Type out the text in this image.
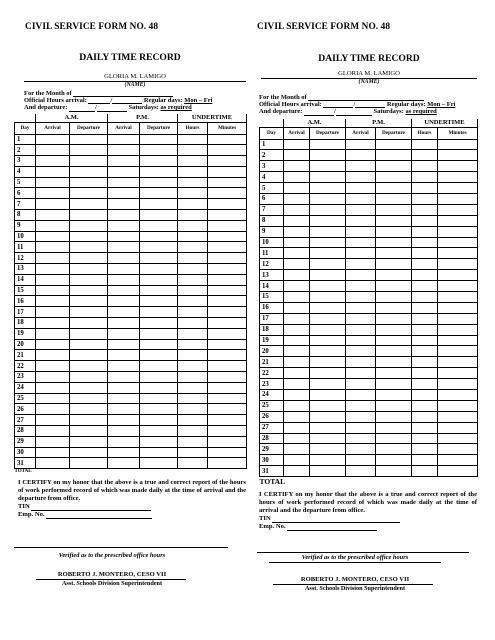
CIVIL SERVICE FORM NO. 48
DAILY TIME RECORD
GLORIA M. LAMIGO
(NAME)
For the Month of
Official Hours arrival:	/	Regular days: Mon – Fri
And departure:	/	Saturdays: as required
	A.M.		P.M.		UNDERTIME	
Day	Arrival	Departure	Arrival	Departure	Hours	Minutes
1						
2						
3						
4						
5						
6						
7						
8						
9						
10						
11						
12						
13						
14						
15						
16						
17						
18						
19						
20						
21						
22						
23						
24						
25						
26						
27						
28						
29						
30						
31						
TOTAL						
I CERTIFY on my honor that the above is a true and correct report of the hours of work performed record of which was made daily at the time of arrival and the departure from office.
TIN
Emp. No.
Verified as to the prescribed office hours
ROBERTO J. MONTERO, CESO VII
Asst. Schools Division Superintendent
CIVIL SERVICE FORM NO. 48
DAILY TIME RECORD
GLORIA M. LAMIGO
(NAME)
For the Month of
Official Hours arrival:	/	Regular days: Mon – Fri
And departure:	/	Saturdays: as required
	A.M.		P.M.		UNDERTIME	
Day	Arrival	Departure	Arrival	Departure	Hours	Minutes
1						
2						
3						
4						
5						
6						
7						
8						
9						
10						
11						
12						
13						
14						
15						
16						
17						
18						
19						
20						
21						
22						
23						
24						
25						
26						
27						
28						
29						
30						
31						
TOTAL						
I CERTIFY on my honor that the above is a true and correct report of the hours of work performed record of which was made daily at the time of arrival and the departure from office.
TIN
Emp. No.
Verified as to the prescribed office hours
ROBERTO J. MONTERO, CESO VII
Asst. Schools Division Superintendent
